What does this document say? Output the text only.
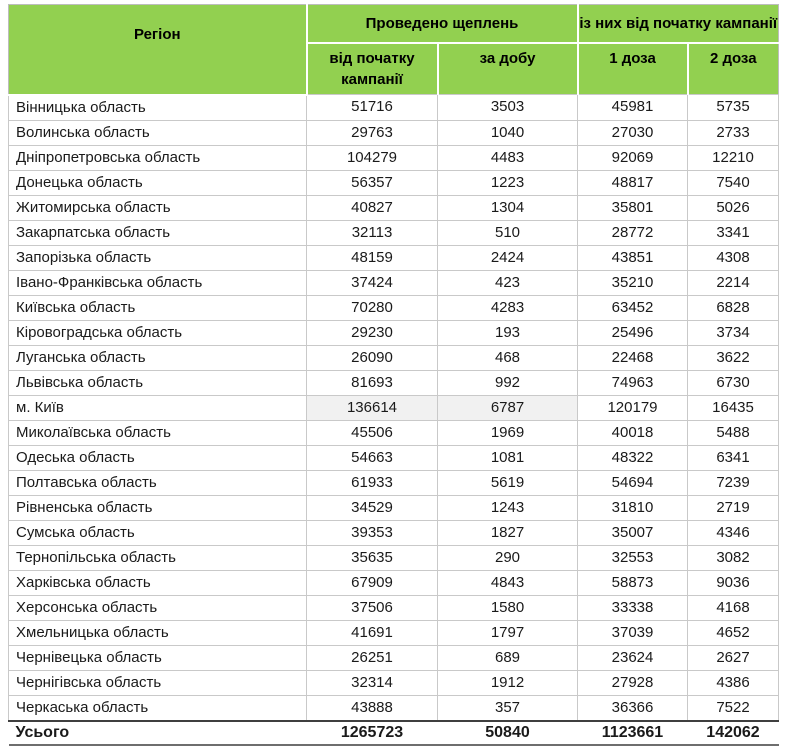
Регіон	Проведено щеплень		із них від початку кампанії	
	від початку кампанії	за добу	1 доза	2 доза
Вінницька область	51716	3503	45981	5735
Волинська область	29763	1040	27030	2733
Дніпропетровська область	104279	4483	92069	12210
Донецька область	56357	1223	48817	7540
Житомирська область	40827	1304	35801	5026
Закарпатська область	32113	510	28772	3341
Запорізька область	48159	2424	43851	4308
Івано-Франківська область	37424	423	35210	2214
Київська область	70280	4283	63452	6828
Кіровоградська область	29230	193	25496	3734
Луганська область	26090	468	22468	3622
Львівська область	81693	992	74963	6730
м. Київ	136614	6787	120179	16435
Миколаївська область	45506	1969	40018	5488
Одеська область	54663	1081	48322	6341
Полтавська область	61933	5619	54694	7239
Рівненська область	34529	1243	31810	2719
Сумська область	39353	1827	35007	4346
Тернопільська область	35635	290	32553	3082
Харківська область	67909	4843	58873	9036
Херсонська область	37506	1580	33338	4168
Хмельницька область	41691	1797	37039	4652
Чернівецька область	26251	689	23624	2627
Чернігівська область	32314	1912	27928	4386
Черкаська область	43888	357	36366	7522
Усього	1265723	50840	1123661	142062
